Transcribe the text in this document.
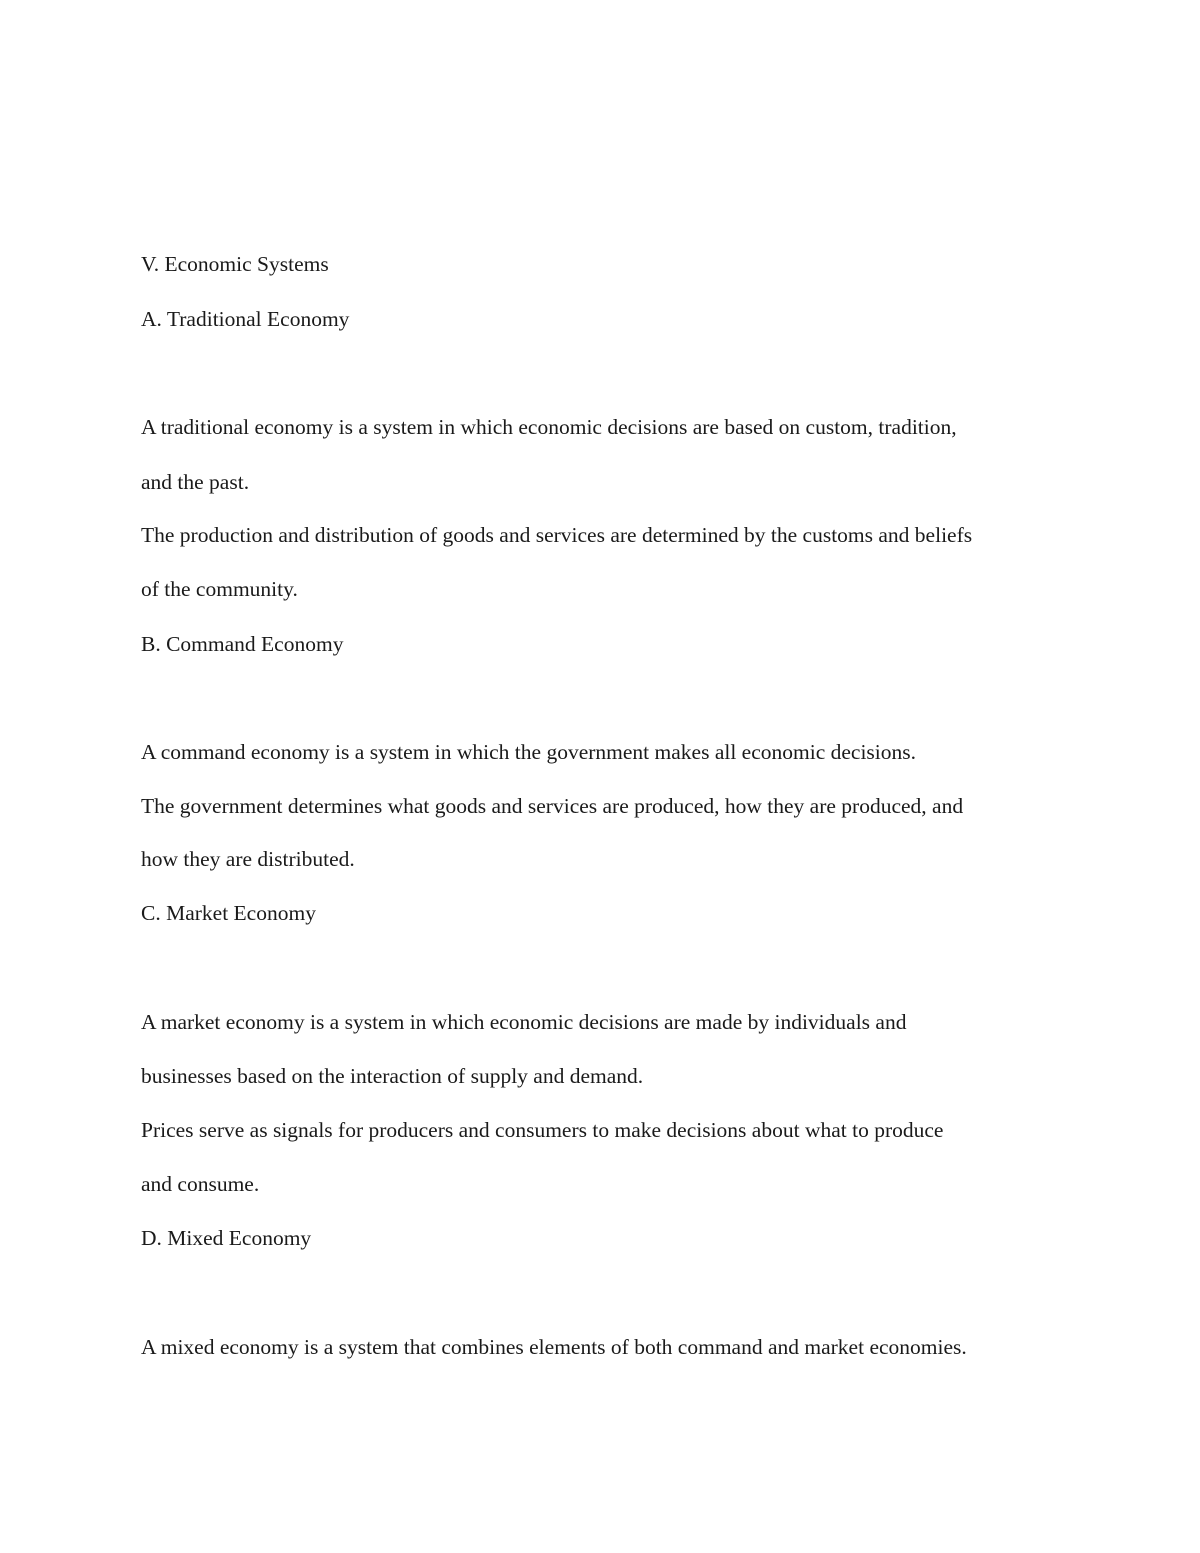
V. Economic Systems

A. Traditional Economy

A traditional economy is a system in which economic decisions are based on custom, tradition,

and the past.

The production and distribution of goods and services are determined by the customs and beliefs

of the community.

B. Command Economy

A command economy is a system in which the government makes all economic decisions.

The government determines what goods and services are produced, how they are produced, and

how they are distributed.

C. Market Economy

A market economy is a system in which economic decisions are made by individuals and

businesses based on the interaction of supply and demand.

Prices serve as signals for producers and consumers to make decisions about what to produce

and consume.

D. Mixed Economy

A mixed economy is a system that combines elements of both command and market economies.
